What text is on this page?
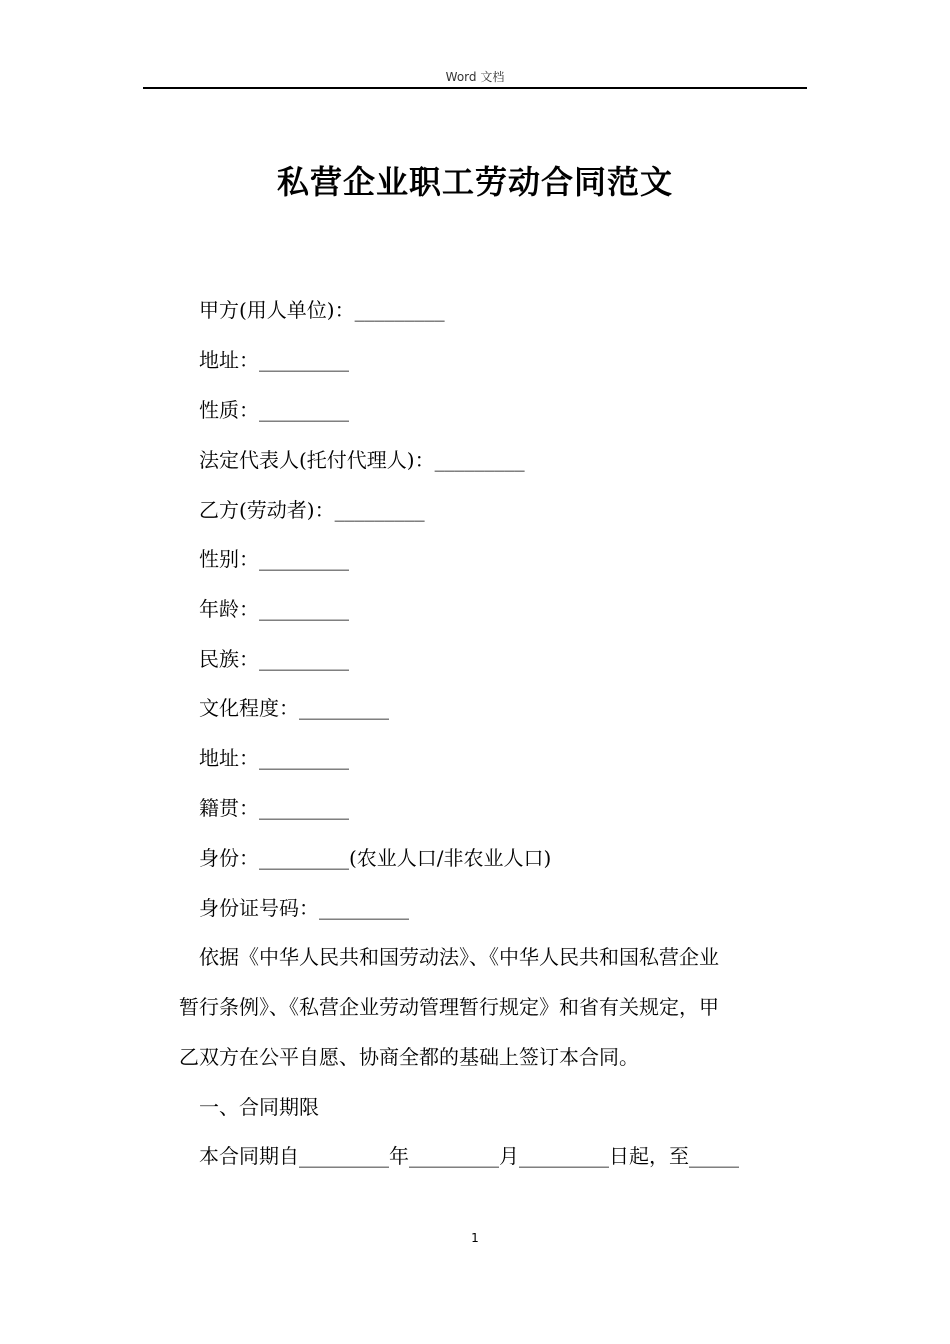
Word 文档
私营企业职工劳动合同范文
甲方(用人单位)：_________
地址：_________
性质：_________
法定代表人(托付代理人)：_________
乙方(劳动者)：_________
性别：_________
年龄：_________
民族：_________
文化程度：_________
地址：_________
籍贯：_________
身份：_________(农业人口/非农业人口)
身份证号码：_________
依据《中华人民共和国劳动法》、《中华人民共和国私营企业
暂行条例》、《私营企业劳动管理暂行规定》和省有关规定，甲
乙双方在公平自愿、协商全都的基础上签订本合同。
一、合同期限
本合同期自_________年_________月_________日起，至_____
1
